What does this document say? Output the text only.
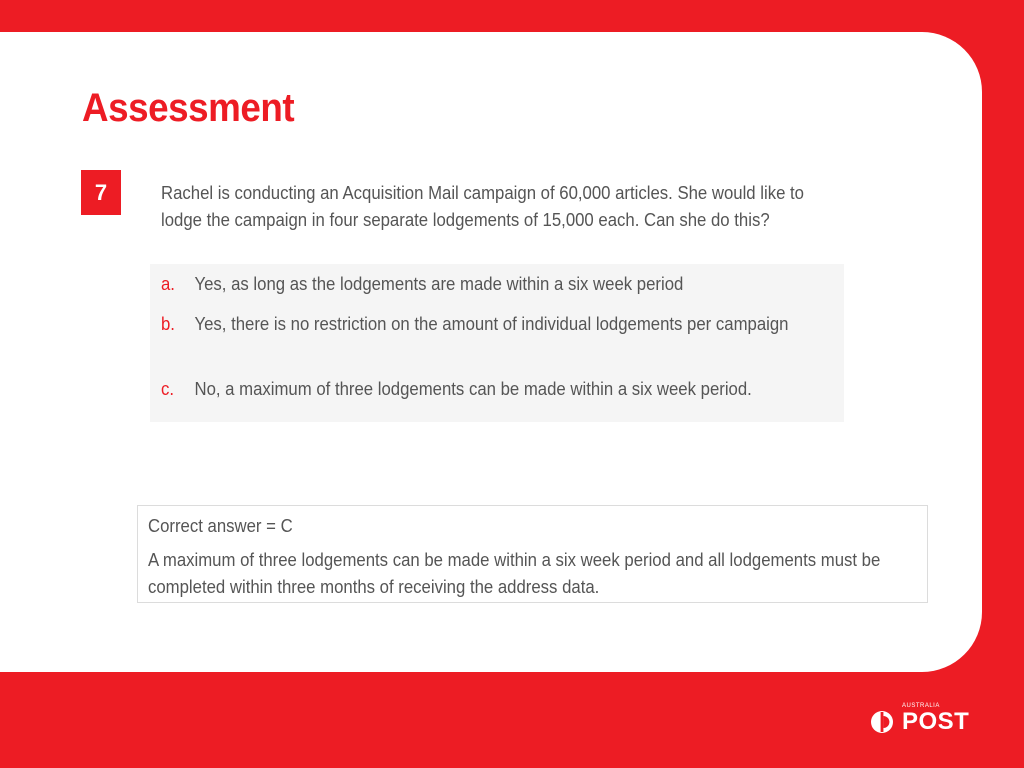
Assessment
7	Rachel is conducting an Acquisition Mail campaign of 60,000 articles. She would like to lodge the campaign in four separate lodgements of 15,000 each. Can she do this?
a. Yes, as long as the lodgements are made within a six week period
b. Yes, there is no restriction on the amount of individual lodgements per campaign
c. No, a maximum of three lodgements can be made within a six week period.
Correct answer = C
A maximum of three lodgements can be made within a six week period and all lodgements must be completed within three months of receiving the address data.
AUSTRALIA
POST
